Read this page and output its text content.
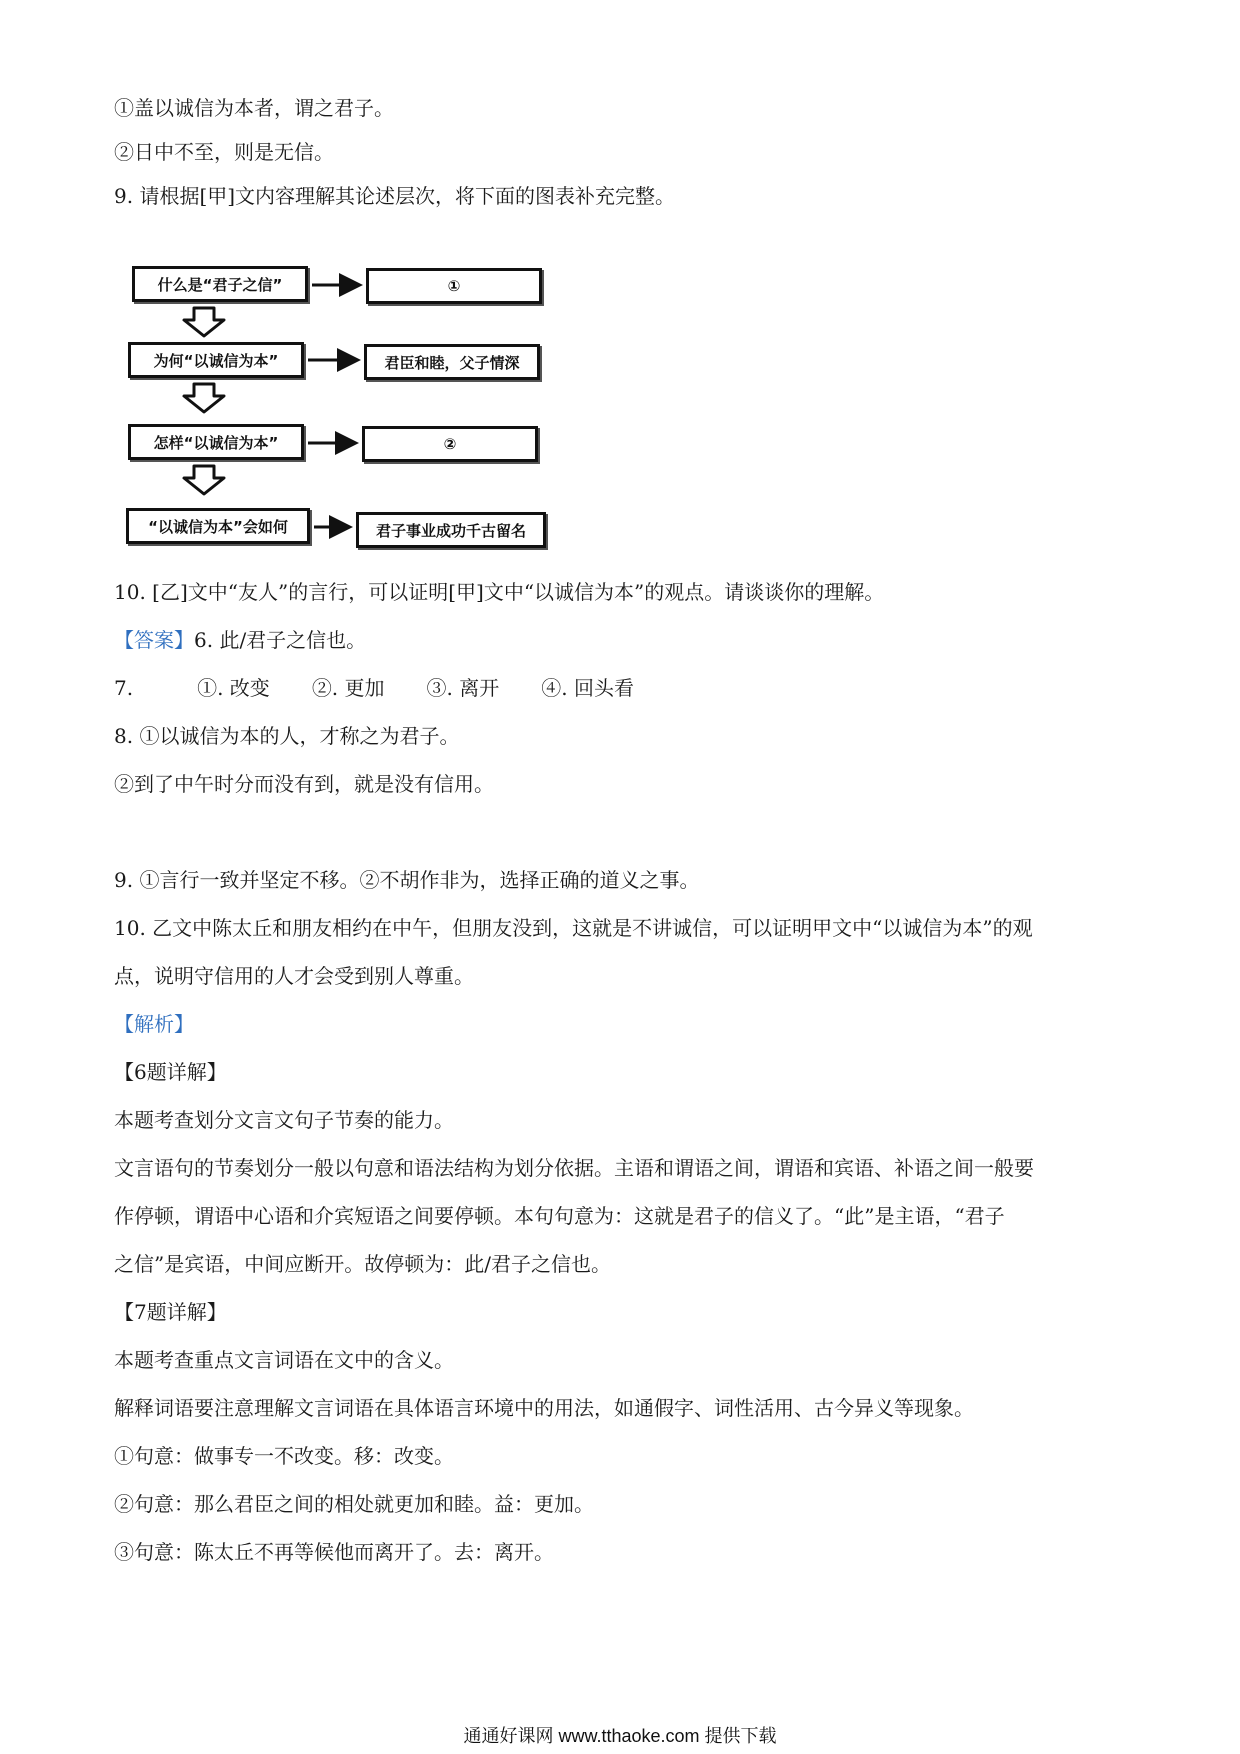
①盖以诚信为本者，谓之君子。
②日中不至，则是无信。
9. 请根据[甲]文内容理解其论述层次，将下面的图表补充完整。
什么是“君子之信”
为何“以诚信为本”
怎样“以诚信为本”
“以诚信为本”会如何
①
君臣和睦，父子情深
②
君子事业成功千古留名
10. [乙]文中“友人”的言行，可以证明[甲]文中“以诚信为本”的观点。请谈谈你的理解。
【答案】6. 此/君子之信也。
7.	①. 改变 ②. 更加 ③. 离开 ④. 回头看
8. ①以诚信为本的人，才称之为君子。
②到了中午时分而没有到，就是没有信用。
9. ①言行一致并坚定不移。②不胡作非为，选择正确的道义之事。
10. 乙文中陈太丘和朋友相约在中午，但朋友没到，这就是不讲诚信，可以证明甲文中“以诚信为本”的观
点，说明守信用的人才会受到别人尊重。
【解析】
【6题详解】
本题考查划分文言文句子节奏的能力。
文言语句的节奏划分一般以句意和语法结构为划分依据。主语和谓语之间，谓语和宾语、补语之间一般要
作停顿，谓语中心语和介宾短语之间要停顿。本句句意为：这就是君子的信义了。“此”是主语，“君子
之信”是宾语，中间应断开。故停顿为：此/君子之信也。
【7题详解】
本题考查重点文言词语在文中的含义。
解释词语要注意理解文言词语在具体语言环境中的用法，如通假字、词性活用、古今异义等现象。
①句意：做事专一不改变。移：改变。
②句意：那么君臣之间的相处就更加和睦。益：更加。
③句意：陈太丘不再等候他而离开了。去：离开。
通通好课网 www.tthaoke.com 提供下载
